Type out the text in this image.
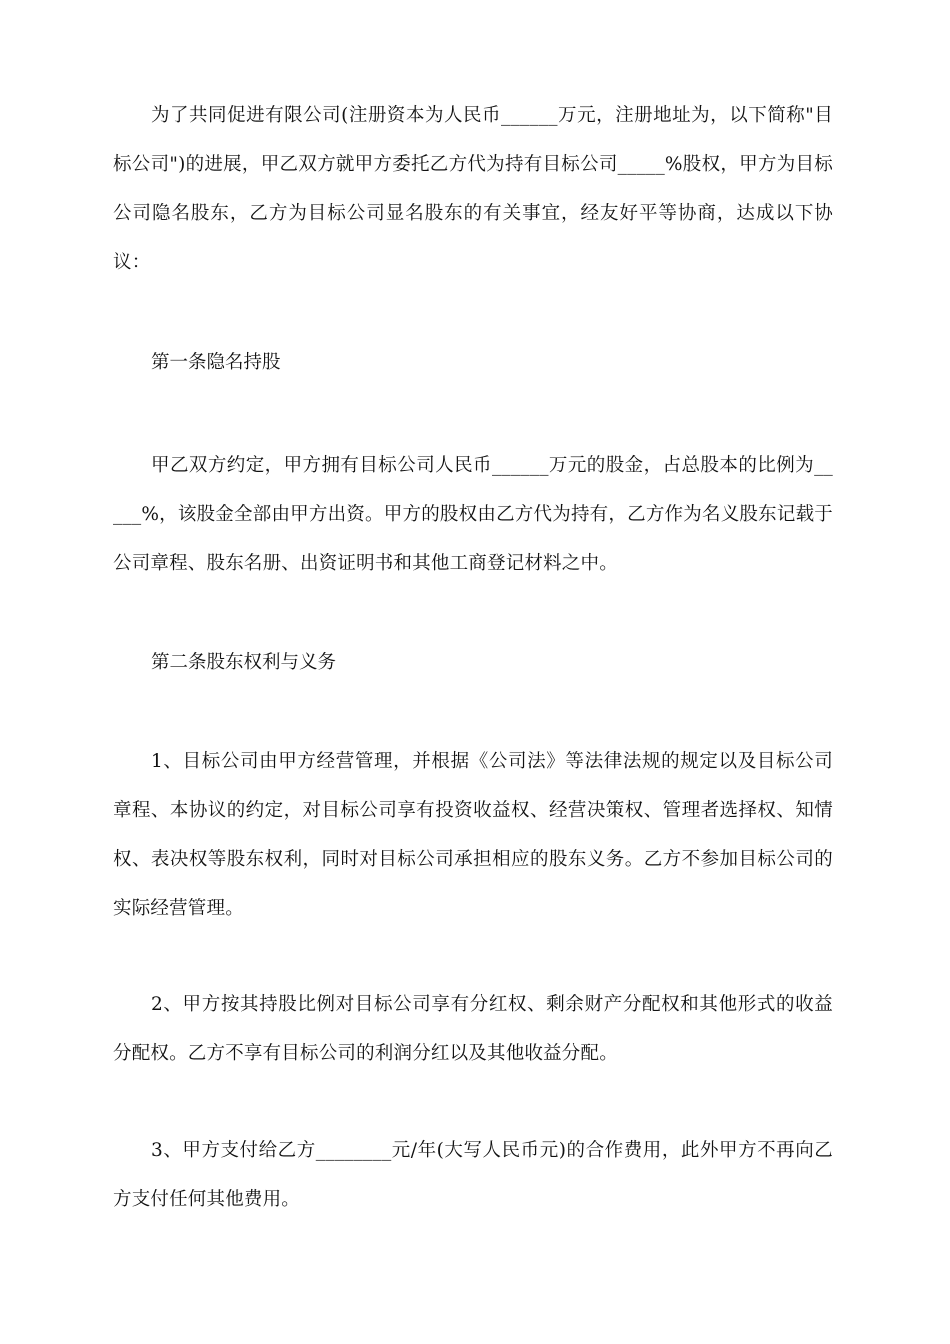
为了共同促进有限公司(注册资本为人民币______万元，注册地址为，以下简称"目标公司")的进展，甲乙双方就甲方委托乙方代为持有目标公司_____%股权，甲方为目标公司隐名股东，乙方为目标公司显名股东的有关事宜，经友好平等协商，达成以下协议：

第一条隐名持股

甲乙双方约定，甲方拥有目标公司人民币______万元的股金，占总股本的比例为_____%，该股金全部由甲方出资。甲方的股权由乙方代为持有，乙方作为名义股东记载于公司章程、股东名册、出资证明书和其他工商登记材料之中。

第二条股东权利与义务

1、目标公司由甲方经营管理，并根据《公司法》等法律法规的规定以及目标公司章程、本协议的约定，对目标公司享有投资收益权、经营决策权、管理者选择权、知情权、表决权等股东权利，同时对目标公司承担相应的股东义务。乙方不参加目标公司的实际经营管理。

2、甲方按其持股比例对目标公司享有分红权、剩余财产分配权和其他形式的收益分配权。乙方不享有目标公司的利润分红以及其他收益分配。

3、甲方支付给乙方________元/年(大写人民币元)的合作费用，此外甲方不再向乙方支付任何其他费用。
